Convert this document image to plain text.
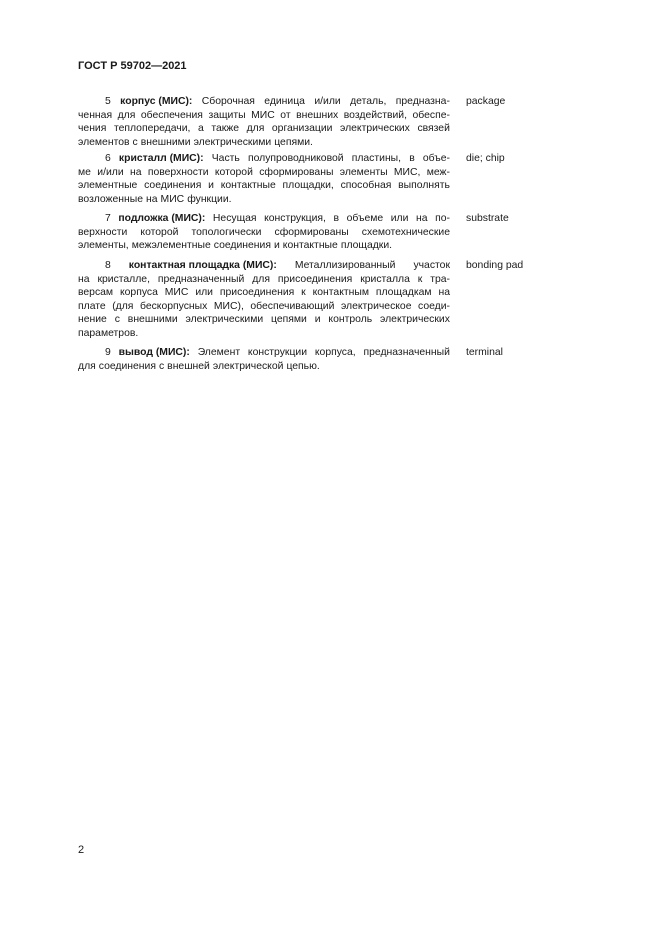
ГОСТ Р 59702—2021
5 корпус (МИС): Сборочная единица и/или деталь, предназна-
ченная для обеспечения защиты МИС от внешних воздействий, обеспе-
чения теплопередачи, а также для организации электрических связей
элементов с внешними электрическими цепями.
package
6 кристалл (МИС): Часть полупроводниковой пластины, в объе-
ме и/или на поверхности которой сформированы элементы МИС, меж-
элементные соединения и контактные площадки, способная выполнять
возложенные на МИС функции.
die; chip
7 подложка (МИС): Несущая конструкция, в объеме или на по-
верхности которой топологически сформированы схемотехнические
элементы, межэлементные соединения и контактные площадки.
substrate
8 контактная площадка (МИС): Металлизированный участок
на кристалле, предназначенный для присоединения кристалла к тра-
версам корпуса МИС или присоединения к контактным площадкам на
плате (для бескорпусных МИС), обеспечивающий электрическое соеди-
нение с внешними электрическими цепями и контроль электрических
параметров.
bonding pad
9 вывод (МИС): Элемент конструкции корпуса, предназначенный
для соединения с внешней электрической цепью.
terminal
2
